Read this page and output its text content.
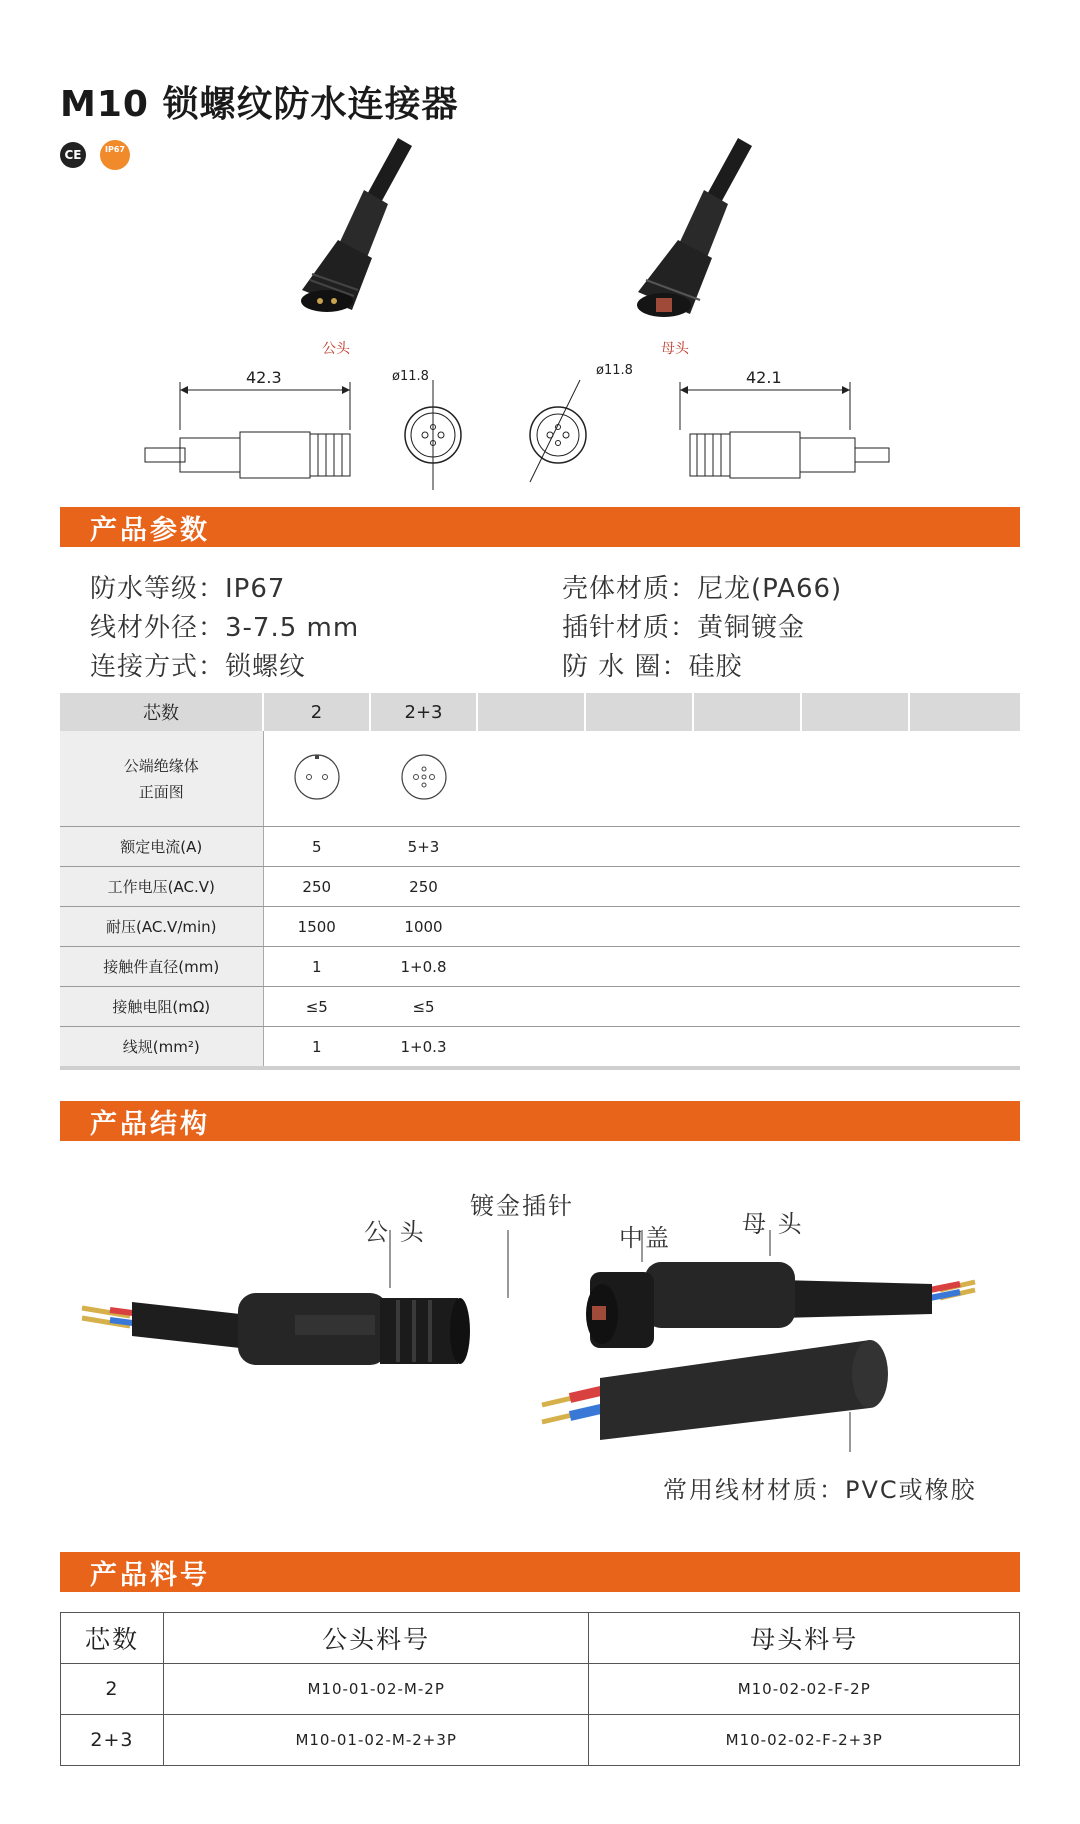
M10 锁螺纹防水连接器
CE	IP67
公头	母头
42.3	ø11.8	ø11.8	42.1
产品参数
防水等级：IP67	壳体材质：尼龙(PA66)
线材外径：3-7.5 mm	插针材质：黄铜镀金
连接方式：锁螺纹	防 水 圈：硅胶
芯数	2	2+3					
公端绝缘体
正面图			
额定电流(A)	5	5+3					
工作电压(AC.V)	250	250					
耐压(AC.V/min)	1500	1000					
接触件直径(mm)	1	1+0.8					
接触电阻(mΩ)	≤5	≤5					
线规(mm²)	1	1+0.3					
产品结构
公 头
镀金插针
中盖	母 头
常用线材材质：PVC或橡胶
产品料号
芯数	公头料号	母头料号
2	M10-01-02-M-2P	M10-02-02-F-2P
2+3	M10-01-02-M-2+3P	M10-02-02-F-2+3P
